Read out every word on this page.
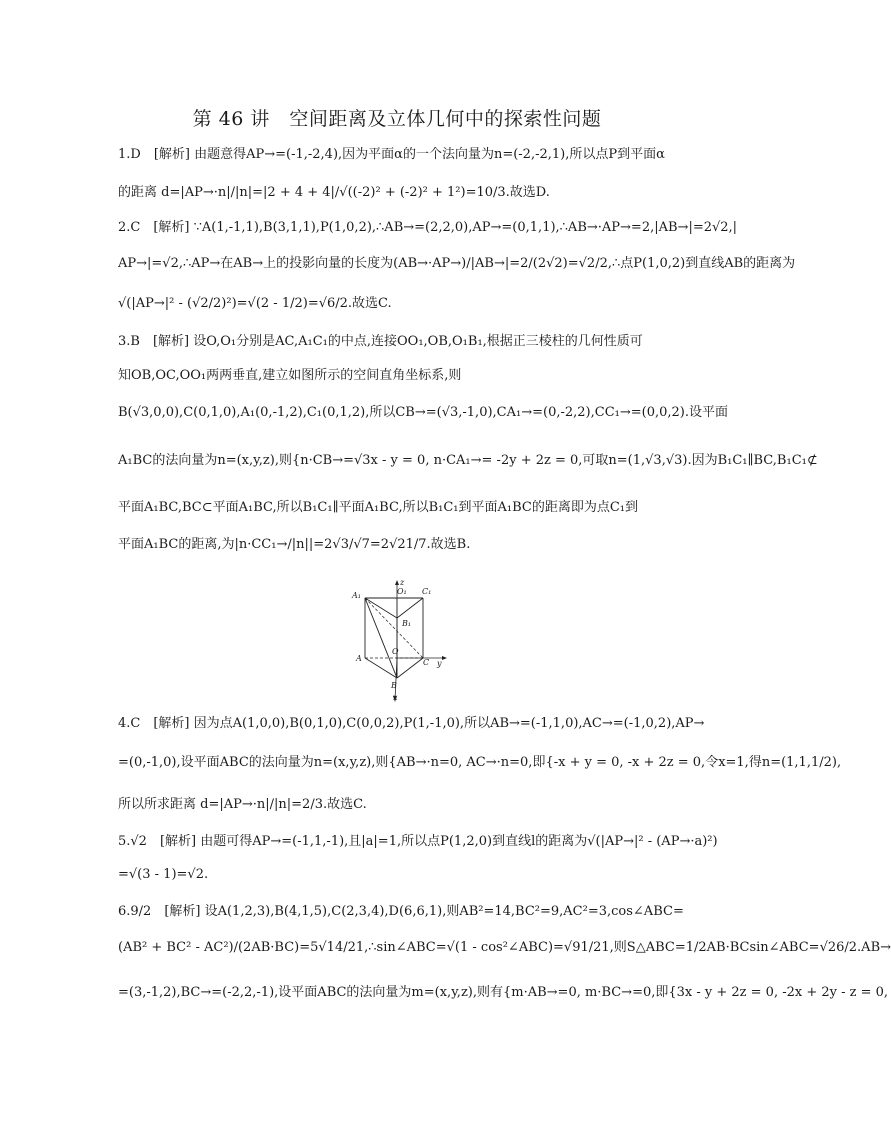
第 46 讲　空间距离及立体几何中的探索性问题
1.D　[解析] 由题意得AP→=(-1,-2,4),因为平面α的一个法向量为n=(-2,-2,1),所以点P到平面α
的距离 d=|AP→·n|/|n|=|2 + 4 + 4|/√((-2)² + (-2)² + 1²)=10/3.故选D.
2.C　[解析] ∵A(1,-1,1),B(3,1,1),P(1,0,2),∴AB→=(2,2,0),AP→=(0,1,1),∴AB→·AP→=2,|AB→|=2√2,|
AP→|=√2,∴AP→在AB→上的投影向量的长度为(AB→·AP→)/|AB→|=2/(2√2)=√2/2,∴点P(1,0,2)到直线AB的距离为
√(|AP→|² - (√2/2)²)=√(2 - 1/2)=√6/2.故选C.
3.B　[解析] 设O,O₁分别是AC,A₁C₁的中点,连接OO₁,OB,O₁B₁,根据正三棱柱的几何性质可
知OB,OC,OO₁两两垂直,建立如图所示的空间直角坐标系,则
B(√3,0,0),C(0,1,0),A₁(0,-1,2),C₁(0,1,2),所以CB→=(√3,-1,0),CA₁→=(0,-2,2),CC₁→=(0,0,2).设平面
A₁BC的法向量为n=(x,y,z),则{n·CB→=√3x - y = 0, n·CA₁→= -2y + 2z = 0,可取n=(1,√3,√3).因为B₁C₁∥BC,B₁C₁⊄
平面A₁BC,BC⊂平面A₁BC,所以B₁C₁∥平面A₁BC,所以B₁C₁到平面A₁BC的距离即为点C₁到
平面A₁BC的距离,为|n·CC₁→/|n||=2√3/√7=2√21/7.故选B.
z
O₁ C₁
A₁
B₁
O
A	C y
B
x
4.C　[解析] 因为点A(1,0,0),B(0,1,0),C(0,0,2),P(1,-1,0),所以AB→=(-1,1,0),AC→=(-1,0,2),AP→
=(0,-1,0),设平面ABC的法向量为n=(x,y,z),则{AB→·n=0, AC→·n=0,即{-x + y = 0, -x + 2z = 0,令x=1,得n=(1,1,1/2),
所以所求距离 d=|AP→·n|/|n|=2/3.故选C.
5.√2　[解析] 由题可得AP→=(-1,1,-1),且|a|=1,所以点P(1,2,0)到直线l的距离为√(|AP→|² - (AP→·a)²)
=√(3 - 1)=√2.
6.9/2　[解析] 设A(1,2,3),B(4,1,5),C(2,3,4),D(6,6,1),则AB²=14,BC²=9,AC²=3,cos∠ABC=
(AB² + BC² - AC²)/(2AB·BC)=5√14/21,∴sin∠ABC=√(1 - cos²∠ABC)=√91/21,则S△ABC=1/2AB·BCsin∠ABC=√26/2.AB→
=(3,-1,2),BC→=(-2,2,-1),设平面ABC的法向量为m=(x,y,z),则有{m·AB→=0, m·BC→=0,即{3x - y + 2z = 0, -2x + 2y - z = 0,
